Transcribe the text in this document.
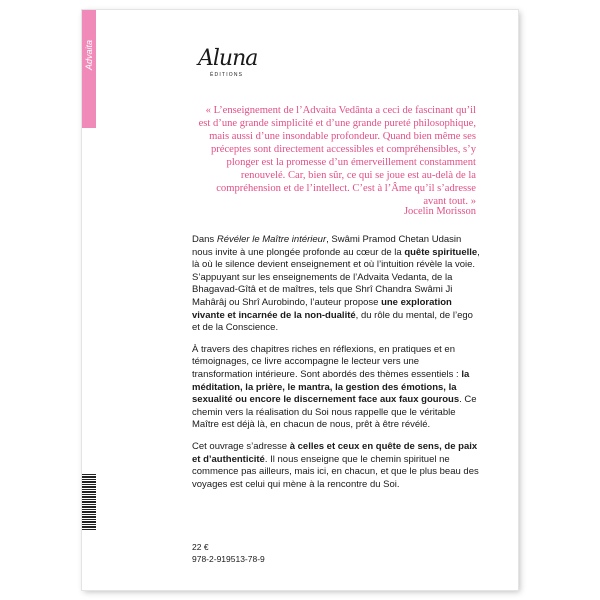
Advaita	Aluna
ÉDITIONS
« L’enseignement de l’Advaita Vedânta a ceci de fascinant qu’il est d’une grande simplicité et d’une grande pureté philosophique, mais aussi d’une insondable profondeur. Quand bien même ses préceptes sont directement accessibles et compréhensibles, s’y plonger est la promesse d’un émerveillement constamment renouvelé. Car, bien sûr, ce qui se joue est au-delà de la compréhension et de l’intellect. C’est à l’Âme qu’il s’adresse avant tout. »
Jocelin Morisson

Dans Révéler le Maître intérieur, Swâmi Pramod Chetan Udasin nous invite à une plongée profonde au cœur de la quête spirituelle, là où le silence devient enseignement et où l’intuition révèle la voie. S’appuyant sur les enseignements de l’Advaita Vedanta, de la Bhagavad-Gîtâ et de maîtres, tels que Shrî Chandra Swâmi Ji Mahârâj ou Shrî Aurobindo, l’auteur propose une exploration vivante et incarnée de la non-dualité, du rôle du mental, de l’ego et de la Conscience.

À travers des chapitres riches en réflexions, en pratiques et en témoignages, ce livre accompagne le lecteur vers une transformation intérieure. Sont abordés des thèmes essentiels : la méditation, la prière, le mantra, la gestion des émotions, la sexualité ou encore le discernement face aux faux gourous. Ce chemin vers la réalisation du Soi nous rappelle que le véritable Maître est déjà là, en chacun de nous, prêt à être révélé.

Cet ouvrage s’adresse à celles et ceux en quête de sens, de paix et d’authenticité. Il nous enseigne que le chemin spirituel ne commence pas ailleurs, mais ici, en chacun, et que le plus beau des voyages est celui qui mène à la rencontre du Soi.

22 €
978-2-919513-78-9
